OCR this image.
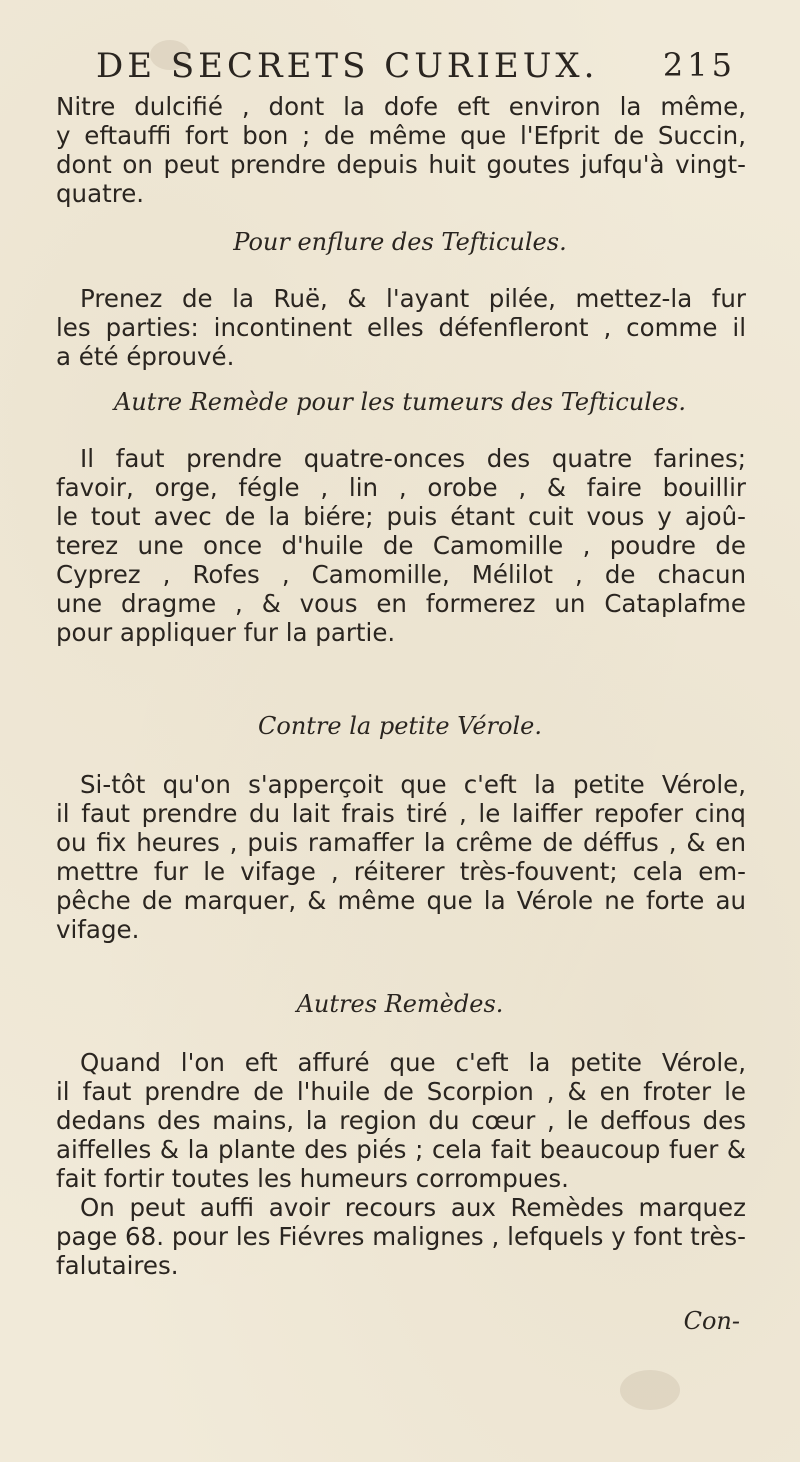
DE SECRETS CURIEUX. 215
Nitre dulcifié , dont la dofe eft environ la même,
y eftauffi fort bon ; de même que l'Efprit de Succin,
dont on peut prendre depuis huit goutes jufqu'à vingt-
quatre.
Pour enflure des Tefticules.
Prenez de la Ruë, & l'ayant pilée, mettez-la fur
les parties: incontinent elles défenfleront , comme il
a été éprouvé.
Autre Remède pour les tumeurs des Tefticules.
Il faut prendre quatre-onces des quatre farines;
favoir, orge, fégle , lin , orobe , & faire bouillir
le tout avec de la biére; puis étant cuit vous y ajoû-
terez une once d'huile de Camomille , poudre de
Cyprez , Rofes , Camomille, Mélilot , de chacun
une dragme , & vous en formerez un Cataplafme
pour appliquer fur la partie.
Contre la petite Vérole.
Si-tôt qu'on s'apperçoit que c'eft la petite Vérole,
il faut prendre du lait frais tiré , le laiffer repofer cinq
ou fix heures , puis ramaffer la crême de déffus , & en
mettre fur le vifage , réiterer très-fouvent; cela em-
pêche de marquer, & même que la Vérole ne forte au
vifage.
Autres Remèdes.
Quand l'on eft affuré que c'eft la petite Vérole,
il faut prendre de l'huile de Scorpion , & en froter le
dedans des mains, la region du cœur , le deffous des
aiffelles & la plante des piés ; cela fait beaucoup fuer &
fait fortir toutes les humeurs corrompues.
On peut auffi avoir recours aux Remèdes marquez
page 68. pour les Fiévres malignes , lefquels y font très-
falutaires.
Con-
